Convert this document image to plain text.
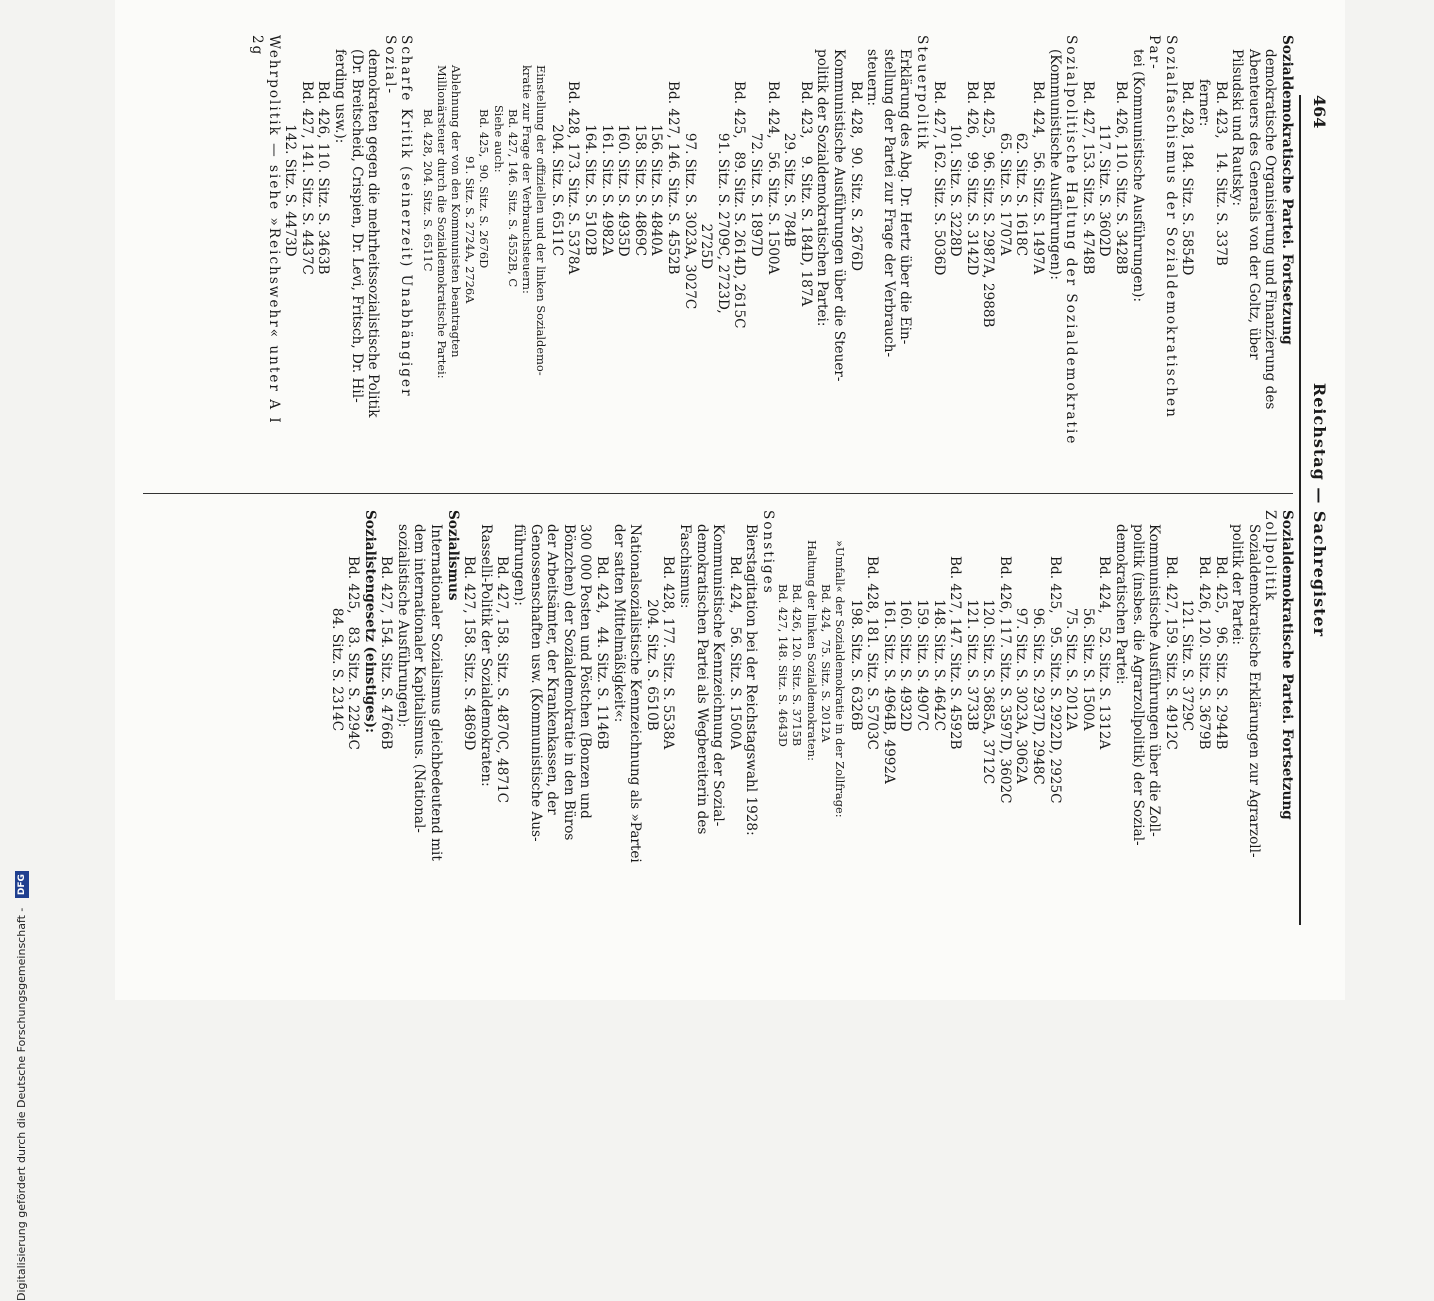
Digitalisierung gefördert durch die Deutsche Forschungsgemeinschaft - DFG
464
Reichstag — Sachregister

Sozialdemokratische Partei. Fortsetzung

demokratische Organisierung und Finanzierung des

Abenteuers des Generals von der Goltz, über

Pilsudski und Rautsky:

Bd. 423,   14. Sitz. S. 337B

ferner:

Bd. 428, 184. Sitz. S. 5854D

Sozialfaschismus der Sozialdemokratischen Par-

tei (Kommunistische Ausführungen):

Bd. 426, 110. Sitz. S. 3428B

117. Sitz. S. 3602D

Bd. 427, 153. Sitz. S. 4748B

Sozialpolitische Haltung der Sozialdemokratie

(Kommunistische Ausführungen):

Bd. 424,   56. Sitz. S. 1497A

62. Sitz. S. 1618C

65. Sitz. S. 1707A

Bd. 425,   96. Sitz. S. 2987A, 2988B

Bd. 426,   99. Sitz. S. 3142D

101. Sitz. S. 3228D

Bd. 427, 162. Sitz. S. 5036D

Steuerpolitik

Erklärung des Abg. Dr. Hertz über die Ein-

stellung der Partei zur Frage der Verbrauch-

steuern:

Bd. 428,  90. Sitz. S. 2676D

Kommunistische Ausführungen über die Steuer-

politik der Sozialdemokratischen Partei:

Bd. 423,    9. Sitz. S. 184D, 187A

29. Sitz. S. 784B

Bd. 424,   56. Sitz. S. 1500A

72. Sitz. S. 1897D

Bd. 425,   89. Sitz. S. 2614D, 2615C

91. Sitz. S. 2709C, 2723D,

2725D

97. Sitz. S. 3023A, 3027C

Bd. 427, 146. Sitz. S. 4552B

156. Sitz. S. 4840A

158. Sitz. S. 4869C

160. Sitz. S. 4935D

161. Sitz. S. 4982A

164. Sitz. S. 5102B

Bd. 428, 173. Sitz. S. 5378A

204. Sitz. S. 6511C

Einstellung der offiziellen und der linken Sozialdemo-

kratie zur Frage der Verbrauchsteuern:

Bd. 427, 146. Sitz. S. 4552B, C

Siehe auch:

Bd. 425,  90. Sitz. S. 2676D

91. Sitz. S. 2724A, 2726A

Ablehnung der von den Kommunisten beantragten

Millionärsteuer durch die Sozialdemokratische Partei:

Bd. 428, 204. Sitz. S. 6511C

Scharfe Kritik (seinerzeit) Unabhängiger Sozial-

demokraten gegen die mehrheitssozialistische Politik

(Dr. Breitscheid, Crispien, Dr. Levi, Fritsch, Dr. Hil-

ferding usw.):

Bd. 426, 110. Sitz. S. 3463B

Bd. 427, 141. Sitz. S. 4437C

142. Sitz. S. 4473D

Wehrpolitik — siehe »Reichswehr« unter A I 2g

Sozialdemokratische Partei. Fortsetzung

Zollpolitik

Sozialdemokratische Erklärungen zur Agrarzoll-

politik der Partei:

Bd. 425,   96. Sitz. S. 2944B

Bd. 426, 120. Sitz. S. 3679B

121. Sitz. S. 3729C

Bd. 427, 159. Sitz. S. 4912C

Kommunistische Ausführungen über die Zoll-

politik (insbes. die Agrarzollpolitik) der Sozial-

demokratischen Partei:

Bd. 424,   52. Sitz. S. 1312A

56. Sitz. S. 1500A

75. Sitz. S. 2012A

Bd. 425,   95. Sitz. S. 2922D, 2925C

96. Sitz. S. 2937D, 2948C

97. Sitz. S. 3023A, 3062A

Bd. 426, 117. Sitz. S. 3597D, 3602C

120. Sitz. S. 3685A, 3712C

121. Sitz. S. 3733B

Bd. 427, 147. Sitz. S. 4592B

148. Sitz. S. 4642C

159. Sitz. S. 4907C

160. Sitz. S. 4932D

161. Sitz. S. 4964B, 4992A

Bd. 428, 181. Sitz. S. 5703C

198. Sitz. S. 6326B

»Umfall« der Sozialdemokratie in der Zollfrage:

Bd. 424,  75. Sitz. S. 2012A

Haltung der linken Sozialdemokraten:

Bd. 426, 120. Sitz. S. 3715B

Bd. 427, 148. Sitz. S. 4643D

Sonstiges

Bierstagitation bei der Reichstagswahl 1928:

Bd. 424,   56. Sitz. S. 1500A

Kommunistische Kennzeichnung der Sozial-

demokratischen Partei als Wegbereiterin des

Faschismus:

Bd. 428, 177. Sitz. S. 5538A

204. Sitz. S. 6510B

Nationalsozialistische Kennzeichnung als »Partei

der satten Mittelmäßigkeit«:

Bd. 424,   44. Sitz. S. 1146B

300 000 Posten und Pöstchen (Bonzen und

Bönzchen) der Sozialdemokratie in den Büros

der Arbeitsämter, der Krankenkassen, der

Genossenschaften usw. (Kommunistische Aus-

führungen):

Bd. 427, 158. Sitz. S. 4870C, 4871C

Rasselli-Politik der Sozialdemokraten:

Bd. 427, 158. Sitz. S. 4869D

Sozialismus

Internationaler Sozialismus gleichbedeutend mit

dem internationaler Kapitalismus. (National-

sozialistische Ausführungen):

Bd. 427, 154. Sitz. S. 4766B

Sozialistengesetz (einstiges):

Bd. 425,   83. Sitz. S. 2294C

84. Sitz. S. 2314C
